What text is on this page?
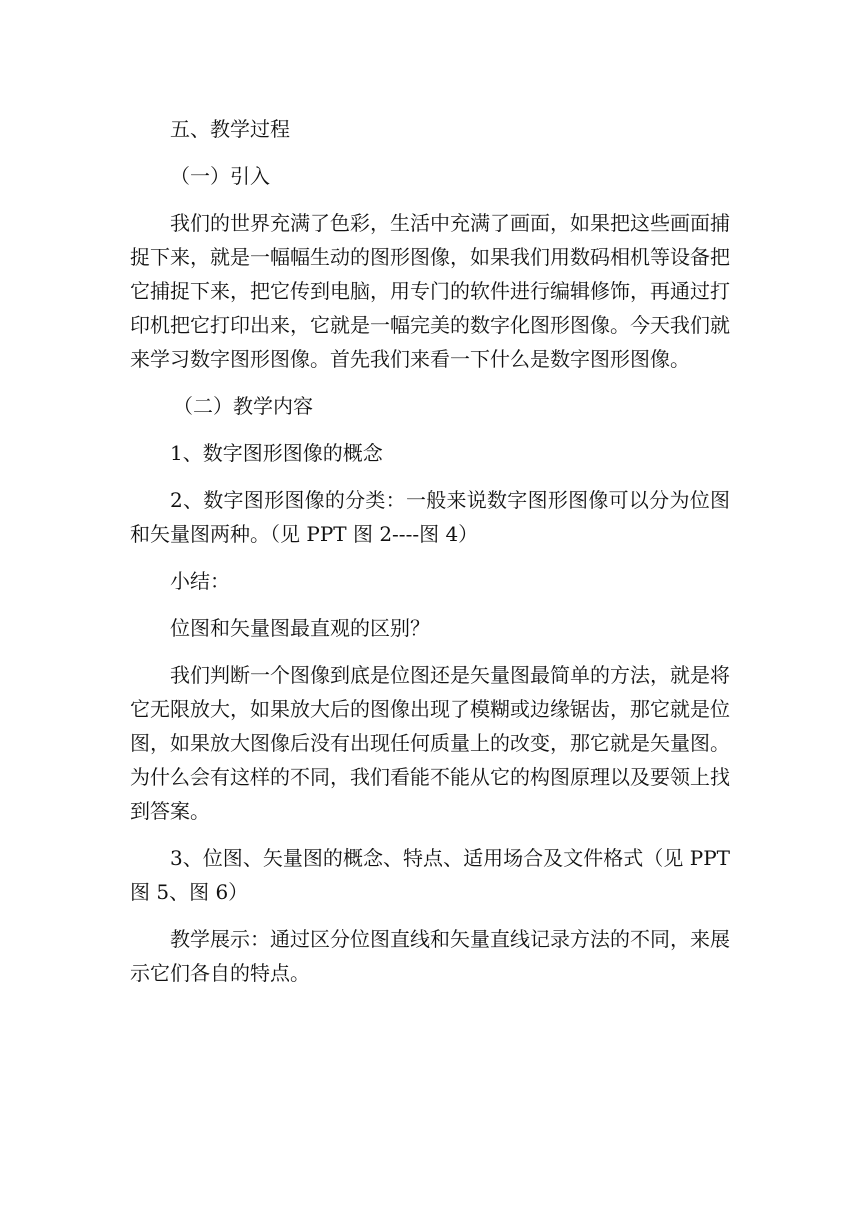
五、教学过程

（一）引入

我们的世界充满了色彩，生活中充满了画面，如果把这些画面捕捉下来，就是一幅幅生动的图形图像，如果我们用数码相机等设备把它捕捉下来，把它传到电脑，用专门的软件进行编辑修饰，再通过打印机把它打印出来，它就是一幅完美的数字化图形图像。今天我们就来学习数字图形图像。首先我们来看一下什么是数字图形图像。

（二）教学内容

1、数字图形图像的概念

2、数字图形图像的分类：一般来说数字图形图像可以分为位图和矢量图两种。（见 PPT 图 2----图 4）

小结：

位图和矢量图最直观的区别？

我们判断一个图像到底是位图还是矢量图最简单的方法，就是将它无限放大，如果放大后的图像出现了模糊或边缘锯齿，那它就是位图，如果放大图像后没有出现任何质量上的改变，那它就是矢量图。为什么会有这样的不同，我们看能不能从它的构图原理以及要领上找到答案。

3、位图、矢量图的概念、特点、适用场合及文件格式（见 PPT 图 5、图 6）

教学展示：通过区分位图直线和矢量直线记录方法的不同，来展示它们各自的特点。
